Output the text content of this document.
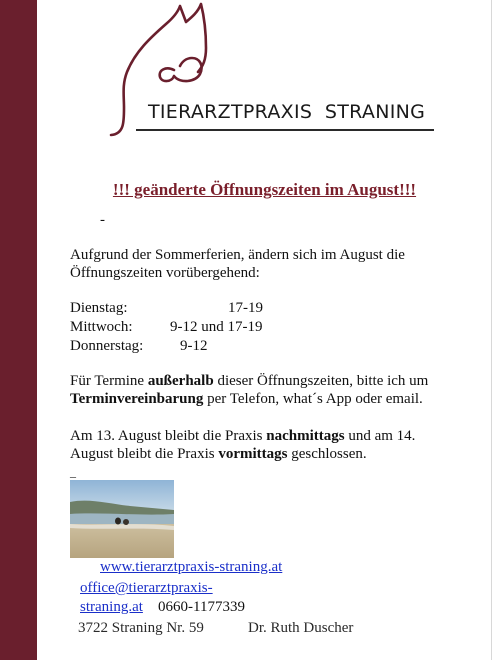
TIERARZTPRAXIS  STRANING
!!! geänderte Öffnungszeiten im August!!!
-

Aufgrund der Sommerferien, ändern sich im August die Öffnungszeiten vorübergehend:

Dienstag:	17-19
Mittwoch:	9-12 und 17-19
Donnerstag: 9-12

Für Termine außerhalb dieser Öffnungszeiten, bitte ich um Terminvereinbarung per Telefon, what´s App oder email.

Am 13. August bleibt die Praxis nachmittags und am 14. August bleibt die Praxis vormittags geschlossen.

_
www.tierarztpraxis-straning.at
office@tierarztpraxis-
straning.at 0660-1177339
3722 Straning Nr. 59	Dr. Ruth Duscher
